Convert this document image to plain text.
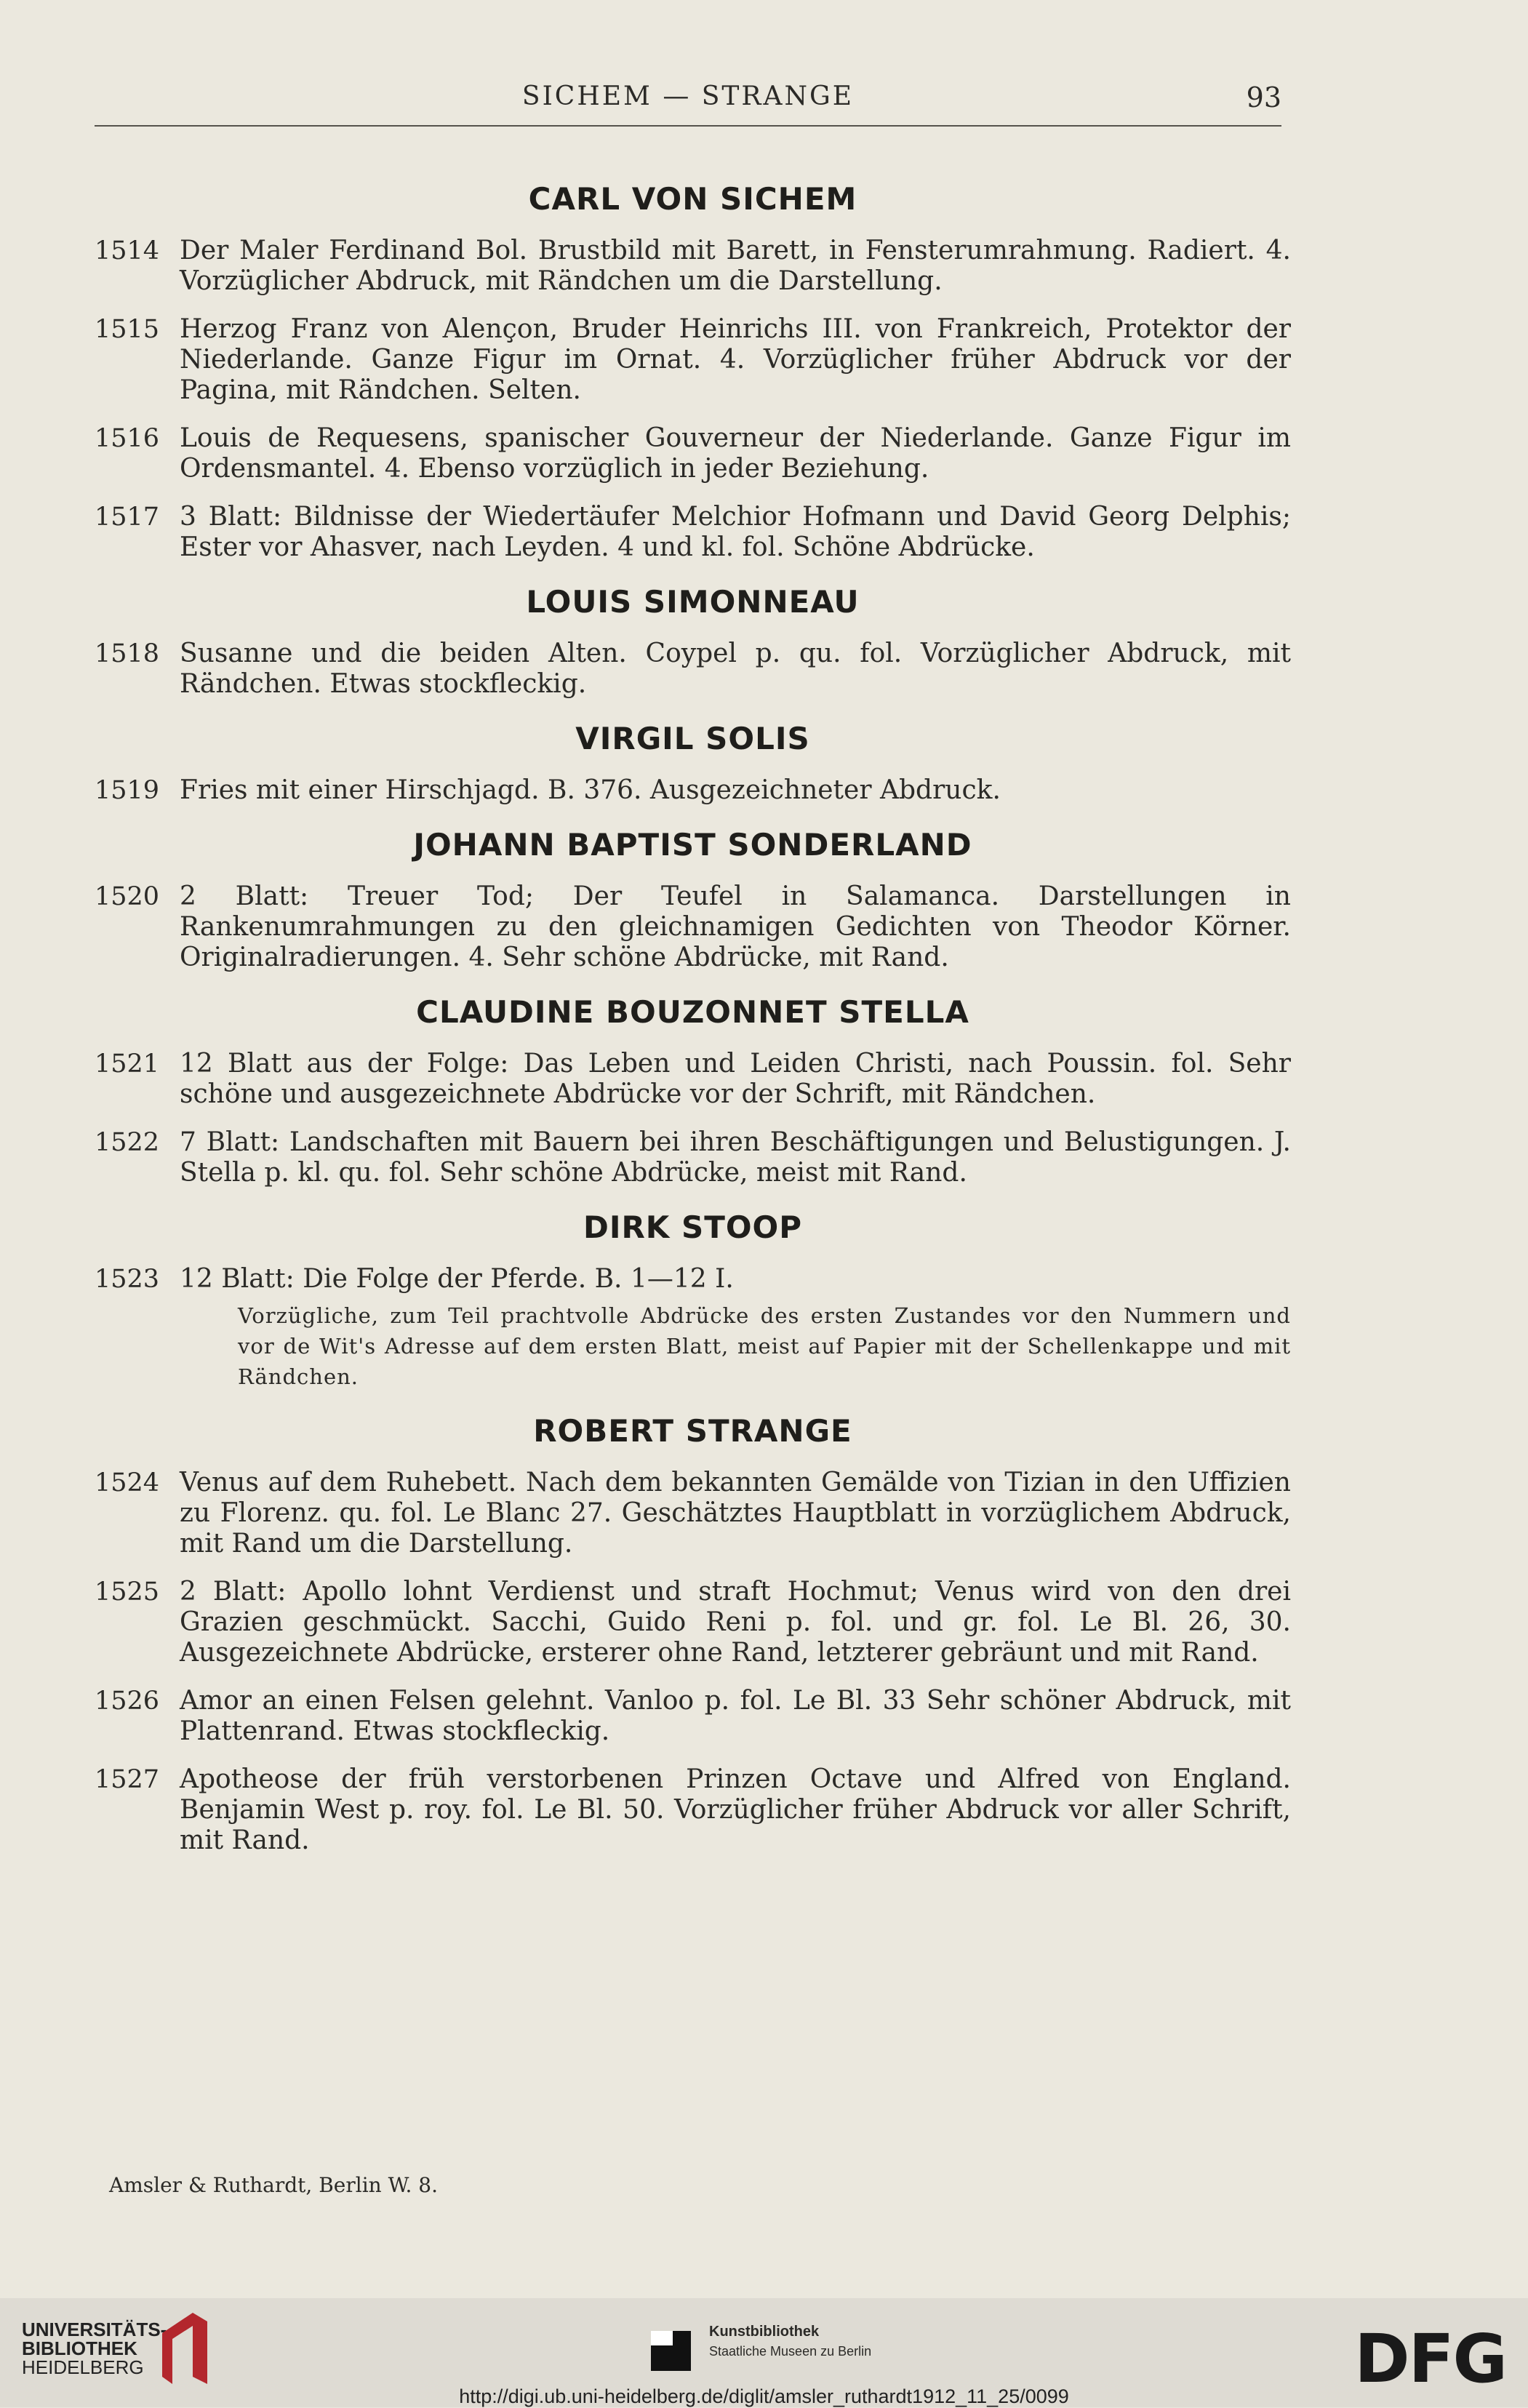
SICHEM — STRANGE	93
CARL VON SICHEM
1514 Der Maler Ferdinand Bol. Brustbild mit Barett, in Fensterumrahmung. Radiert. 4. Vorzüglicher Abdruck, mit Rändchen um die Darstellung.
1515 Herzog Franz von Alençon, Bruder Heinrichs III. von Frankreich, Protektor der Niederlande. Ganze Figur im Ornat. 4. Vorzüglicher früher Abdruck vor der Pagina, mit Rändchen. Selten.
1516 Louis de Requesens, spanischer Gouverneur der Niederlande. Ganze Figur im Ordensmantel. 4. Ebenso vorzüglich in jeder Beziehung.
1517 3 Blatt: Bildnisse der Wiedertäufer Melchior Hofmann und David Georg Delphis; Ester vor Ahasver, nach Leyden. 4 und kl. fol. Schöne Abdrücke.
LOUIS SIMONNEAU
1518 Susanne und die beiden Alten. Coypel p. qu. fol. Vorzüglicher Abdruck, mit Rändchen. Etwas stockfleckig.
VIRGIL SOLIS
1519 Fries mit einer Hirschjagd. B. 376. Ausgezeichneter Abdruck.
JOHANN BAPTIST SONDERLAND
1520 2 Blatt: Treuer Tod; Der Teufel in Salamanca. Darstellungen in Rankenumrahmungen zu den gleichnamigen Gedichten von Theodor Körner. Originalradierungen. 4. Sehr schöne Abdrücke, mit Rand.
CLAUDINE BOUZONNET STELLA
1521 12 Blatt aus der Folge: Das Leben und Leiden Christi, nach Poussin. fol. Sehr schöne und ausgezeichnete Abdrücke vor der Schrift, mit Rändchen.
1522 7 Blatt: Landschaften mit Bauern bei ihren Beschäftigungen und Belustigungen. J. Stella p. kl. qu. fol. Sehr schöne Abdrücke, meist mit Rand.
DIRK STOOP
1523 12 Blatt: Die Folge der Pferde. B. 1—12 I.
Vorzügliche, zum Teil prachtvolle Abdrücke des ersten Zustandes vor den Nummern und vor de Wit's Adresse auf dem ersten Blatt, meist auf Papier mit der Schellenkappe und mit Rändchen.
ROBERT STRANGE
1524 Venus auf dem Ruhebett. Nach dem bekannten Gemälde von Tizian in den Uffizien zu Florenz. qu. fol. Le Blanc 27. Geschätztes Hauptblatt in vorzüglichem Abdruck, mit Rand um die Darstellung.
1525 2 Blatt: Apollo lohnt Verdienst und straft Hochmut; Venus wird von den drei Grazien geschmückt. Sacchi, Guido Reni p. fol. und gr. fol. Le Bl. 26, 30. Ausgezeichnete Abdrücke, ersterer ohne Rand, letzterer gebräunt und mit Rand.
1526 Amor an einen Felsen gelehnt. Vanloo p. fol. Le Bl. 33 Sehr schöner Abdruck, mit Plattenrand. Etwas stockfleckig.
1527 Apotheose der früh verstorbenen Prinzen Octave und Alfred von England. Benjamin West p. roy. fol. Le Bl. 50. Vorzüglicher früher Abdruck vor aller Schrift, mit Rand.
Amsler & Ruthardt, Berlin W. 8.
UNIVERSITÄTS-
BIBLIOTHEK
HEIDELBERG
Kunstbibliothek
Staatliche Museen zu Berlin	DFG
http://digi.ub.uni-heidelberg.de/diglit/amsler_ruthardt1912_11_25/0099
